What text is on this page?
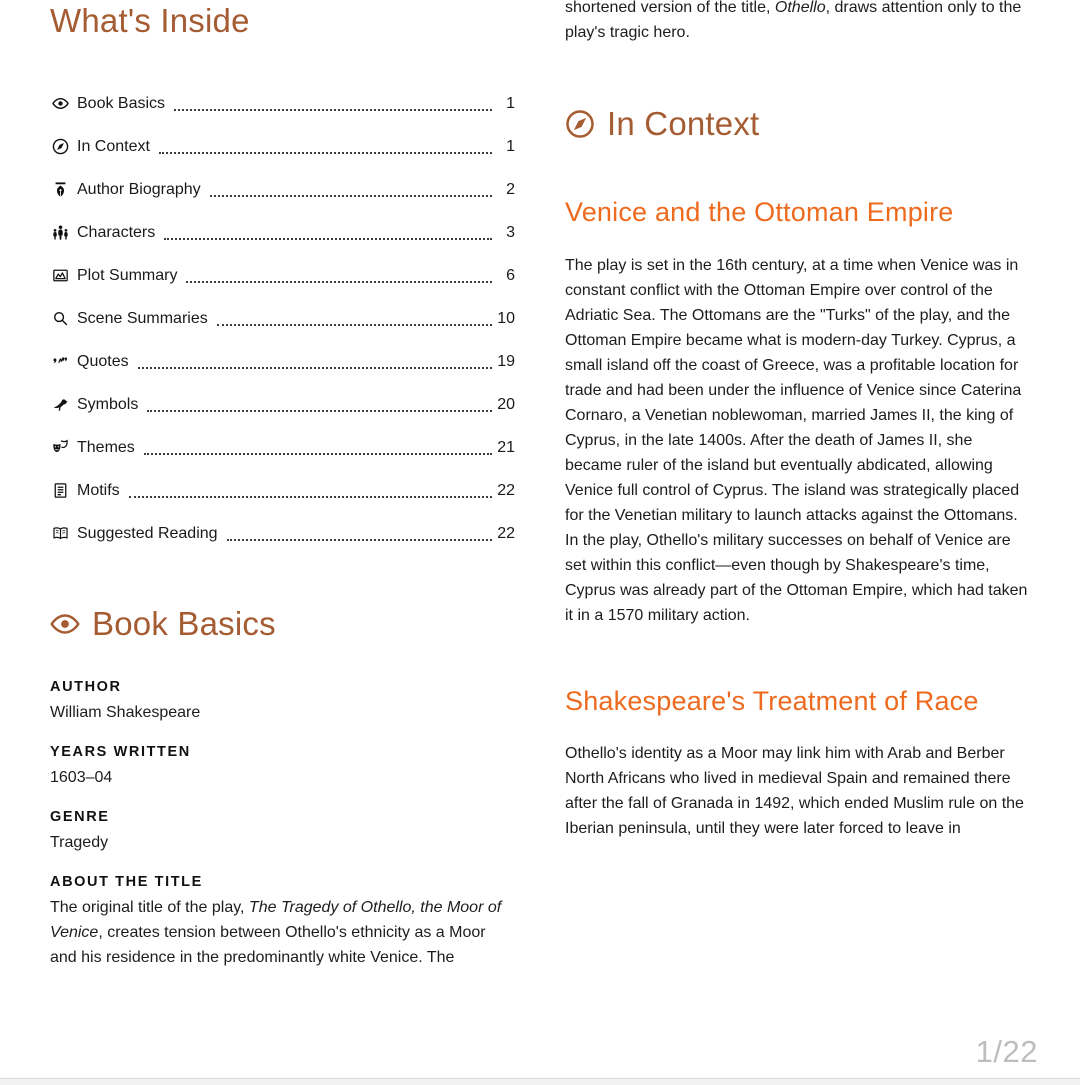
What's Inside
Book Basics	1
In Context	1
Author Biography	2
Characters	3
Plot Summary	6
Scene Summaries	10
Quotes	19
Symbols	20
Themes	21
Motifs	22
Suggested Reading	22
Book Basics
AUTHOR
William Shakespeare
YEARS WRITTEN
1603–04
GENRE
Tragedy
ABOUT THE TITLE

The original title of the play, The Tragedy of Othello, the Moor of Venice, creates tension between Othello's ethnicity as a Moor and his residence in the predominantly white Venice. The

shortened version of the title, Othello, draws attention only to the play's tragic hero.

In Context
Venice and the Ottoman Empire

The play is set in the 16th century, at a time when Venice was in constant conflict with the Ottoman Empire over control of the Adriatic Sea. The Ottomans are the "Turks" of the play, and the Ottoman Empire became what is modern-day Turkey. Cyprus, a small island off the coast of Greece, was a profitable location for trade and had been under the influence of Venice since Caterina Cornaro, a Venetian noblewoman, married James II, the king of Cyprus, in the late 1400s. After the death of James II, she became ruler of the island but eventually abdicated, allowing Venice full control of Cyprus. The island was strategically placed for the Venetian military to launch attacks against the Ottomans. In the play, Othello's military successes on behalf of Venice are set within this conflict—even though by Shakespeare's time, Cyprus was already part of the Ottoman Empire, which had taken it in a 1570 military action.

Shakespeare's Treatment of Race

Othello's identity as a Moor may link him with Arab and Berber North Africans who lived in medieval Spain and remained there after the fall of Granada in 1492, which ended Muslim rule on the Iberian peninsula, until they were later forced to leave in

1/22
